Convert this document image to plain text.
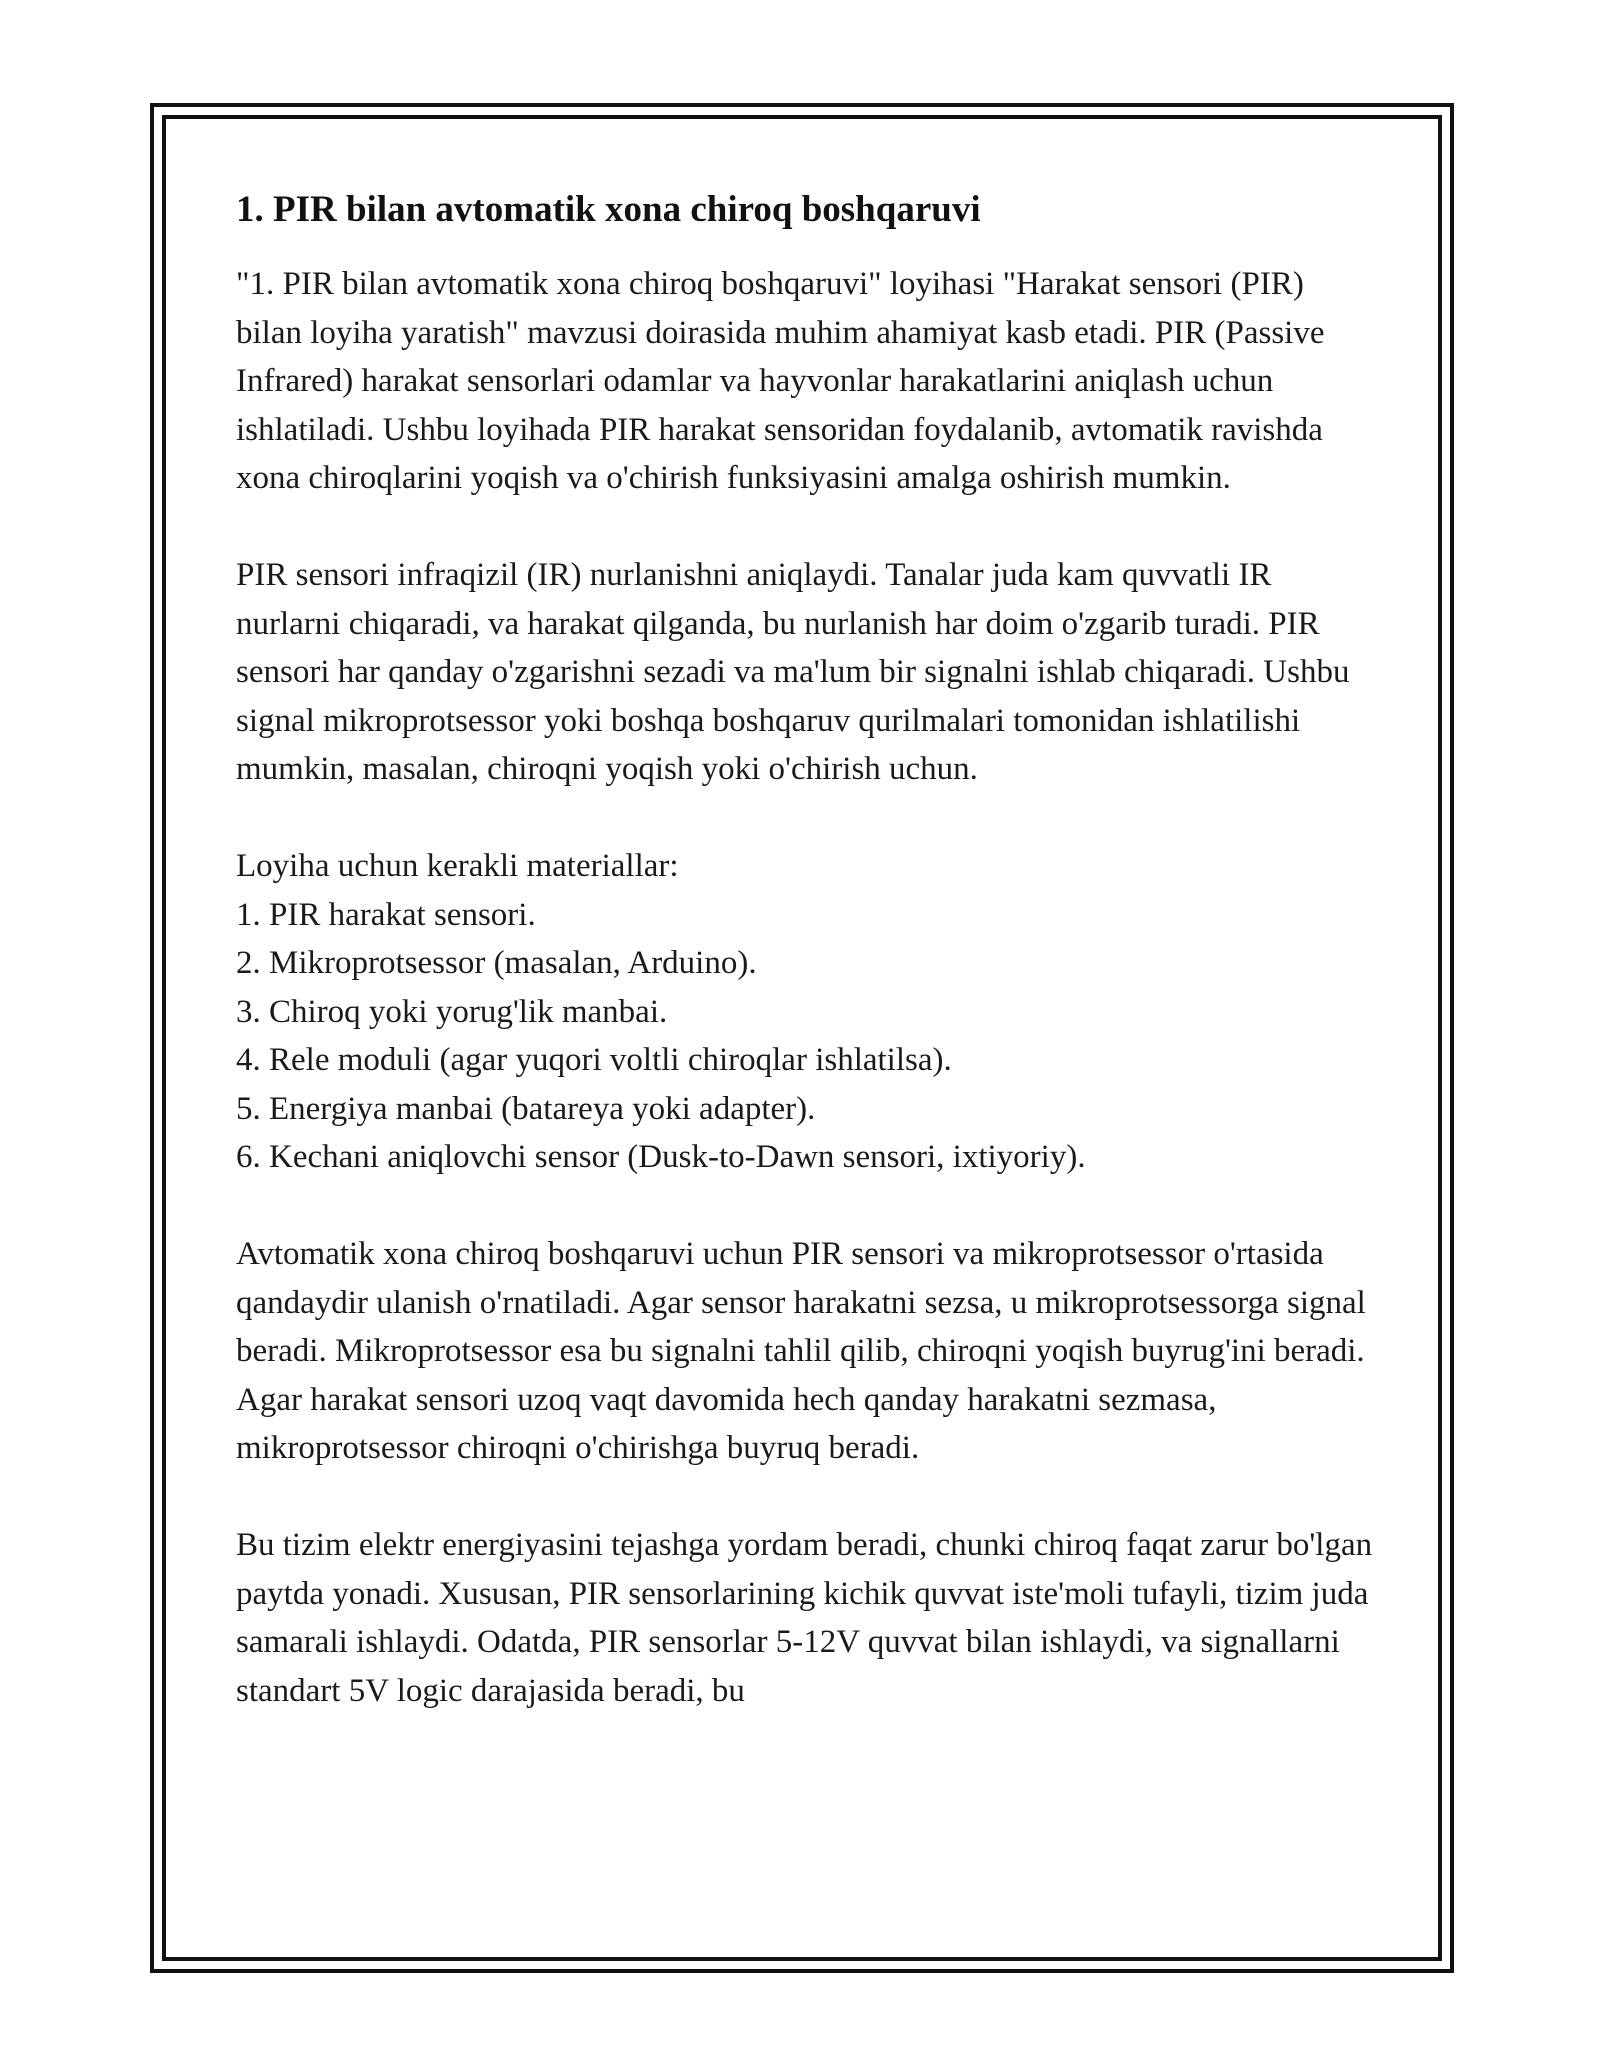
1. PIR bilan avtomatik xona chiroq boshqaruvi

"1. PIR bilan avtomatik xona chiroq boshqaruvi" loyihasi "Harakat sensori (PIR) bilan loyiha yaratish" mavzusi doirasida muhim ahamiyat kasb etadi. PIR (Passive Infrared) harakat sensorlari odamlar va hayvonlar harakatlarini aniqlash uchun ishlatiladi. Ushbu loyihada PIR harakat sensoridan foydalanib, avtomatik ravishda xona chiroqlarini yoqish va o'chirish funksiyasini amalga oshirish mumkin.

PIR sensori infraqizil (IR) nurlanishni aniqlaydi. Tanalar juda kam quvvatli IR nurlarni chiqaradi, va harakat qilganda, bu nurlanish har doim o'zgarib turadi. PIR sensori har qanday o'zgarishni sezadi va ma'lum bir signalni ishlab chiqaradi. Ushbu signal mikroprotsessor yoki boshqa boshqaruv qurilmalari tomonidan ishlatilishi mumkin, masalan, chiroqni yoqish yoki o'chirish uchun.

Loyiha uchun kerakli materiallar:
1. PIR harakat sensori.
2. Mikroprotsessor (masalan, Arduino).
3. Chiroq yoki yorug'lik manbai.
4. Rele moduli (agar yuqori voltli chiroqlar ishlatilsa).
5. Energiya manbai (batareya yoki adapter).
6. Kechani aniqlovchi sensor (Dusk-to-Dawn sensori, ixtiyoriy).

Avtomatik xona chiroq boshqaruvi uchun PIR sensori va mikroprotsessor o'rtasida qandaydir ulanish o'rnatiladi. Agar sensor harakatni sezsa, u mikroprotsessorga signal beradi. Mikroprotsessor esa bu signalni tahlil qilib, chiroqni yoqish buyrug'ini beradi. Agar harakat sensori uzoq vaqt davomida hech qanday harakatni sezmasa, mikroprotsessor chiroqni o'chirishga buyruq beradi.

Bu tizim elektr energiyasini tejashga yordam beradi, chunki chiroq faqat zarur bo'lgan paytda yonadi. Xususan, PIR sensorlarining kichik quvvat iste'moli tufayli, tizim juda samarali ishlaydi. Odatda, PIR sensorlar 5-12V quvvat bilan ishlaydi, va signallarni standart 5V logic darajasida beradi, bu
